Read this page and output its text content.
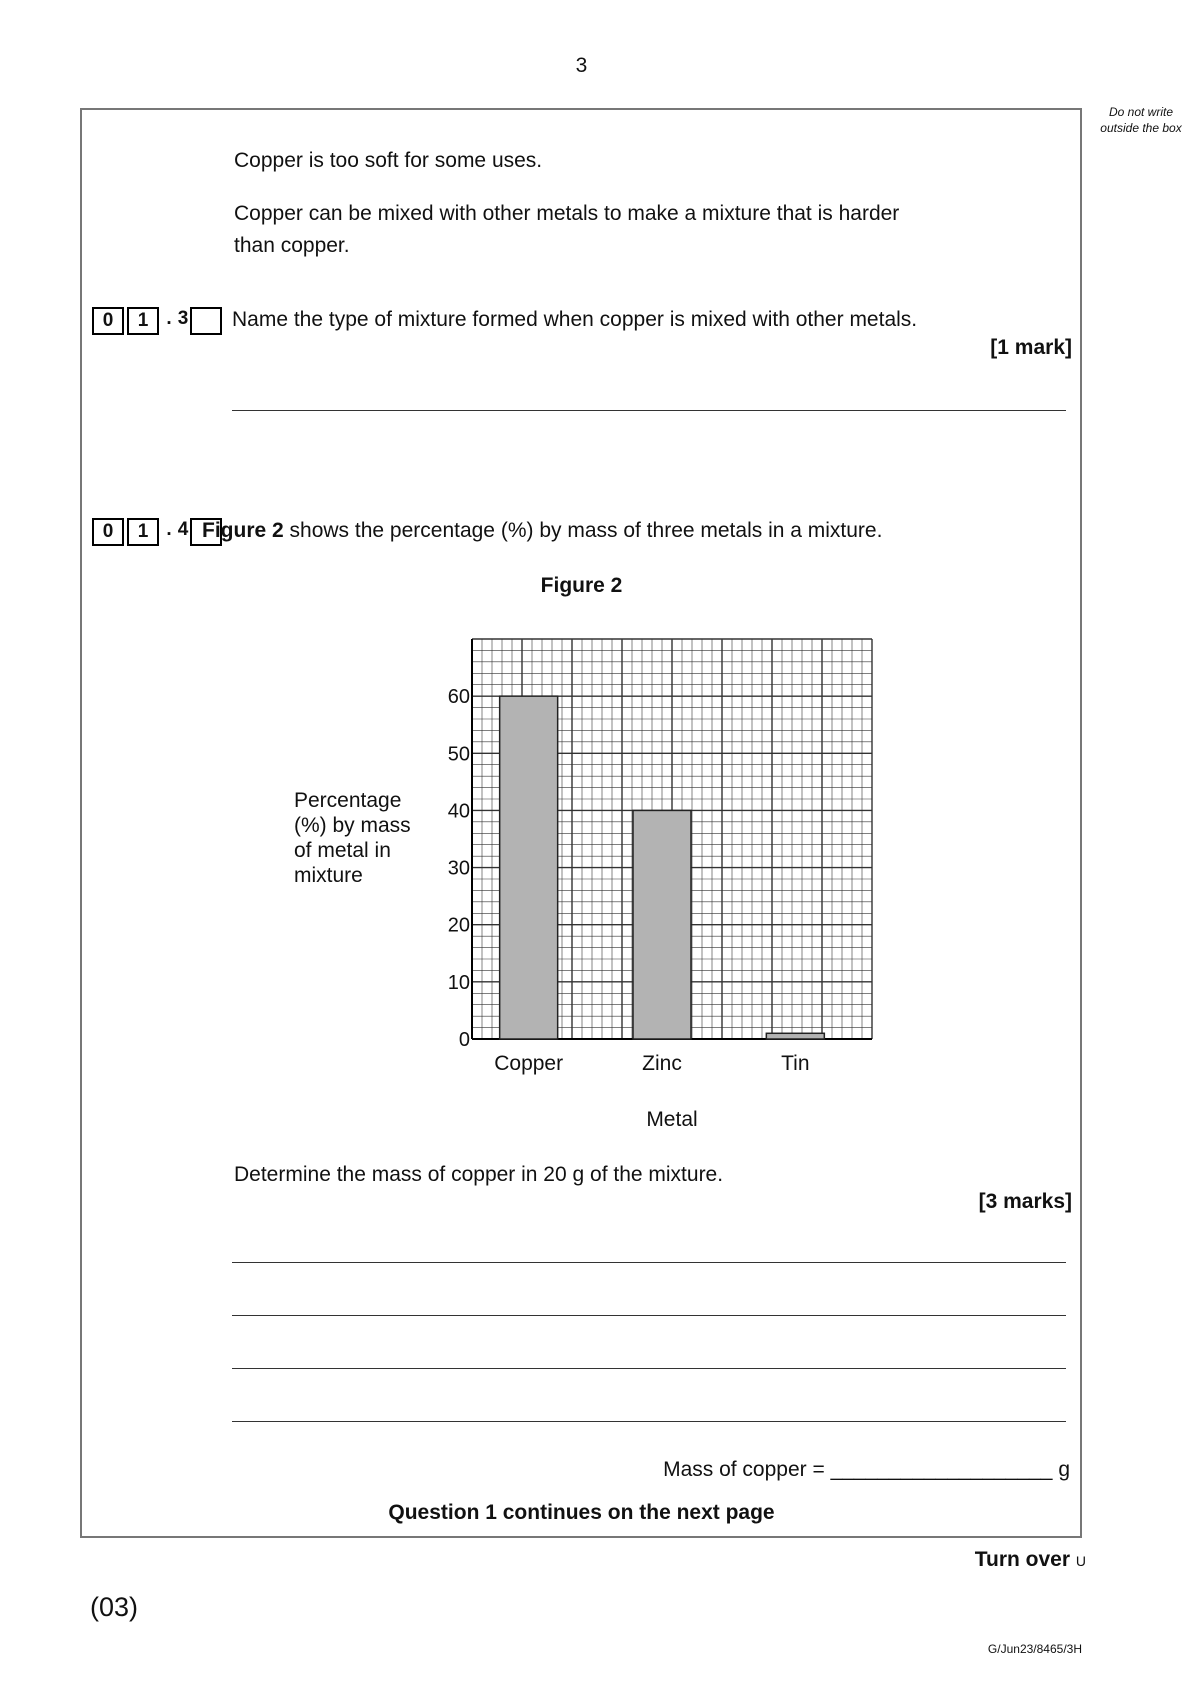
3
Do not write outside the box
Copper is too soft for some uses.
Copper can be mixed with other metals to make a mixture that is harder
than copper.
0	1 . 3 Name the type of mixture formed when copper is mixed with other metals.
[1 mark]
0	1 . 4 Figure 2 shows the percentage (%) by mass of three metals in a mixture.
Figure 2
Percentage
(%) by mass
of metal in
mixture
0
10
20
30
40
50
60
Copper	Zinc	Tin
Metal
Determine the mass of copper in 20 g of the mixture.
[3 marks]
Mass of copper = ___________________ g
Question 1 continues on the next page
Turn over U
(03)
G/Jun23/8465/3H
